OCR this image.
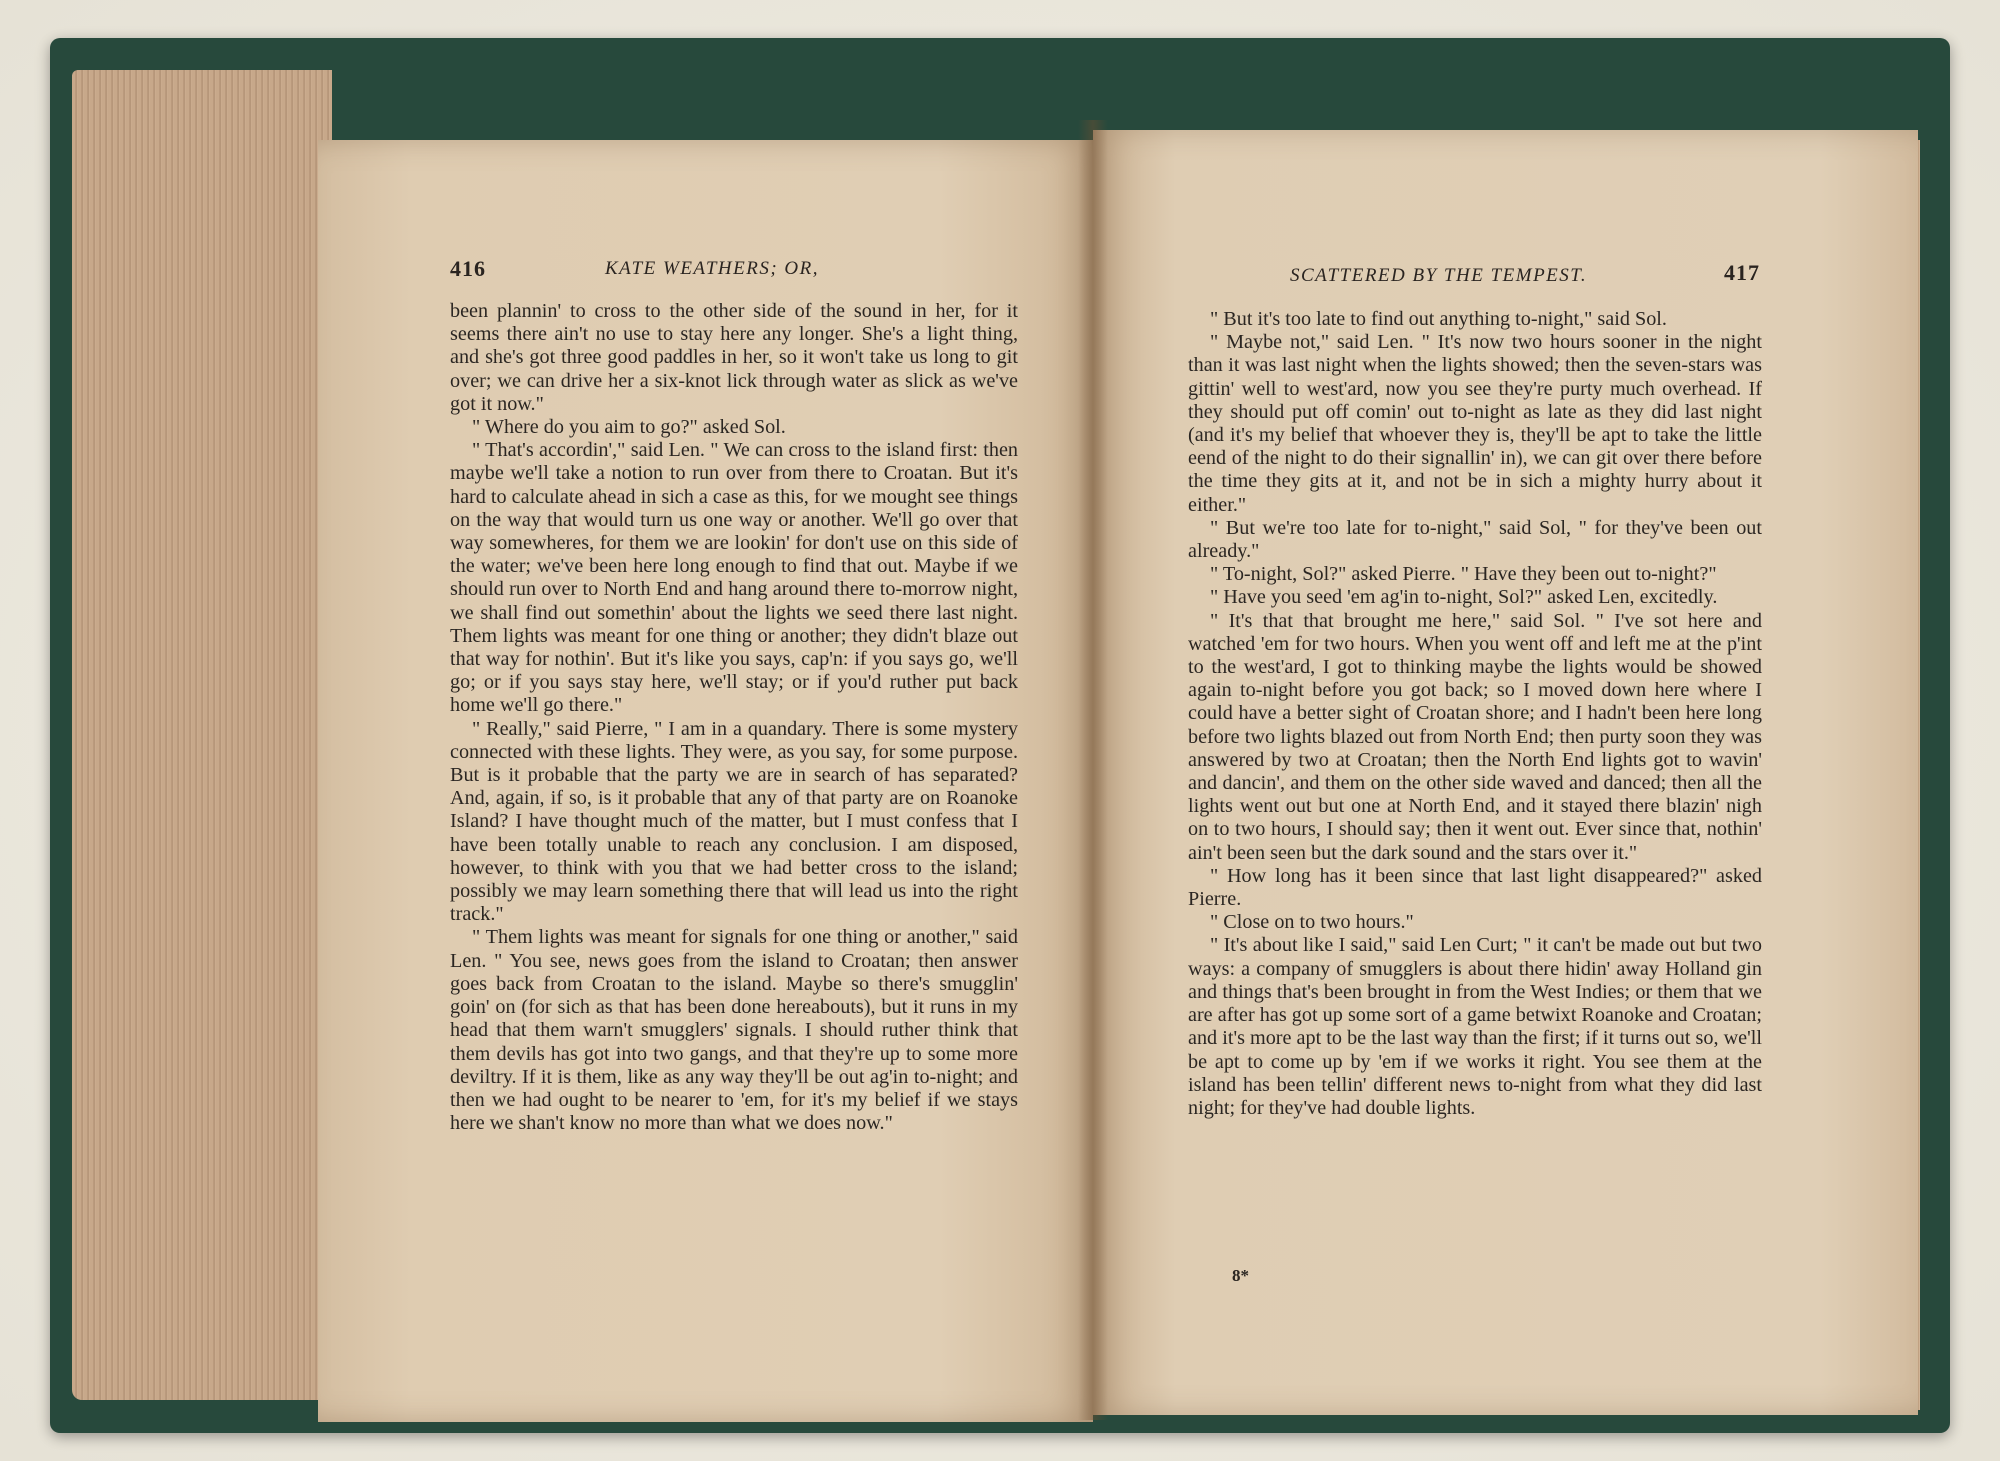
416	KATE WEATHERS; OR,

been plannin' to cross to the other side of the sound in her, for it seems there ain't no use to stay here any longer. She's a light thing, and she's got three good paddles in her, so it won't take us long to git over; we can drive her a six-knot lick through water as slick as we've got it now."

" Where do you aim to go?" asked Sol.

" That's accordin'," said Len. " We can cross to the island first: then maybe we'll take a notion to run over from there to Croatan. But it's hard to calculate ahead in sich a case as this, for we mought see things on the way that would turn us one way or another. We'll go over that way somewheres, for them we are lookin' for don't use on this side of the water; we've been here long enough to find that out. Maybe if we should run over to North End and hang around there to-morrow night, we shall find out somethin' about the lights we seed there last night. Them lights was meant for one thing or another; they didn't blaze out that way for nothin'. But it's like you says, cap'n: if you says go, we'll go; or if you says stay here, we'll stay; or if you'd ruther put back home we'll go there."

" Really," said Pierre, " I am in a quandary. There is some mystery connected with these lights. They were, as you say, for some purpose. But is it probable that the party we are in search of has separated? And, again, if so, is it probable that any of that party are on Roanoke Island? I have thought much of the matter, but I must confess that I have been totally unable to reach any conclusion. I am disposed, however, to think with you that we had better cross to the island; possibly we may learn something there that will lead us into the right track."

" Them lights was meant for signals for one thing or another," said Len. " You see, news goes from the island to Croatan; then answer goes back from Croatan to the island. Maybe so there's smugglin' goin' on (for sich as that has been done hereabouts), but it runs in my head that them warn't smugglers' signals. I should ruther think that them devils has got into two gangs, and that they're up to some more deviltry. If it is them, like as any way they'll be out ag'in to-night; and then we had ought to be nearer to 'em, for it's my belief if we stays here we shan't know no more than what we does now."

SCATTERED BY THE TEMPEST.	417

" But it's too late to find out anything to-night," said Sol.

" Maybe not," said Len. " It's now two hours sooner in the night than it was last night when the lights showed; then the seven-stars was gittin' well to west'ard, now you see they're purty much overhead. If they should put off comin' out to-night as late as they did last night (and it's my belief that whoever they is, they'll be apt to take the little eend of the night to do their signallin' in), we can git over there before the time they gits at it, and not be in sich a mighty hurry about it either."

" But we're too late for to-night," said Sol, " for they've been out already."

" To-night, Sol?" asked Pierre. " Have they been out to-night?"

" Have you seed 'em ag'in to-night, Sol?" asked Len, excitedly.

" It's that that brought me here," said Sol. " I've sot here and watched 'em for two hours. When you went off and left me at the p'int to the west'ard, I got to thinking maybe the lights would be showed again to-night before you got back; so I moved down here where I could have a better sight of Croatan shore; and I hadn't been here long before two lights blazed out from North End; then purty soon they was answered by two at Croatan; then the North End lights got to wavin' and dancin', and them on the other side waved and danced; then all the lights went out but one at North End, and it stayed there blazin' nigh on to two hours, I should say; then it went out. Ever since that, nothin' ain't been seen but the dark sound and the stars over it."

" How long has it been since that last light disappeared?" asked Pierre.

" Close on to two hours."

" It's about like I said," said Len Curt; " it can't be made out but two ways: a company of smugglers is about there hidin' away Holland gin and things that's been brought in from the West Indies; or them that we are after has got up some sort of a game betwixt Roanoke and Croatan; and it's more apt to be the last way than the first; if it turns out so, we'll be apt to come up by 'em if we works it right. You see them at the island has been tellin' different news to-night from what they did last night; for they've had double lights.

8*
